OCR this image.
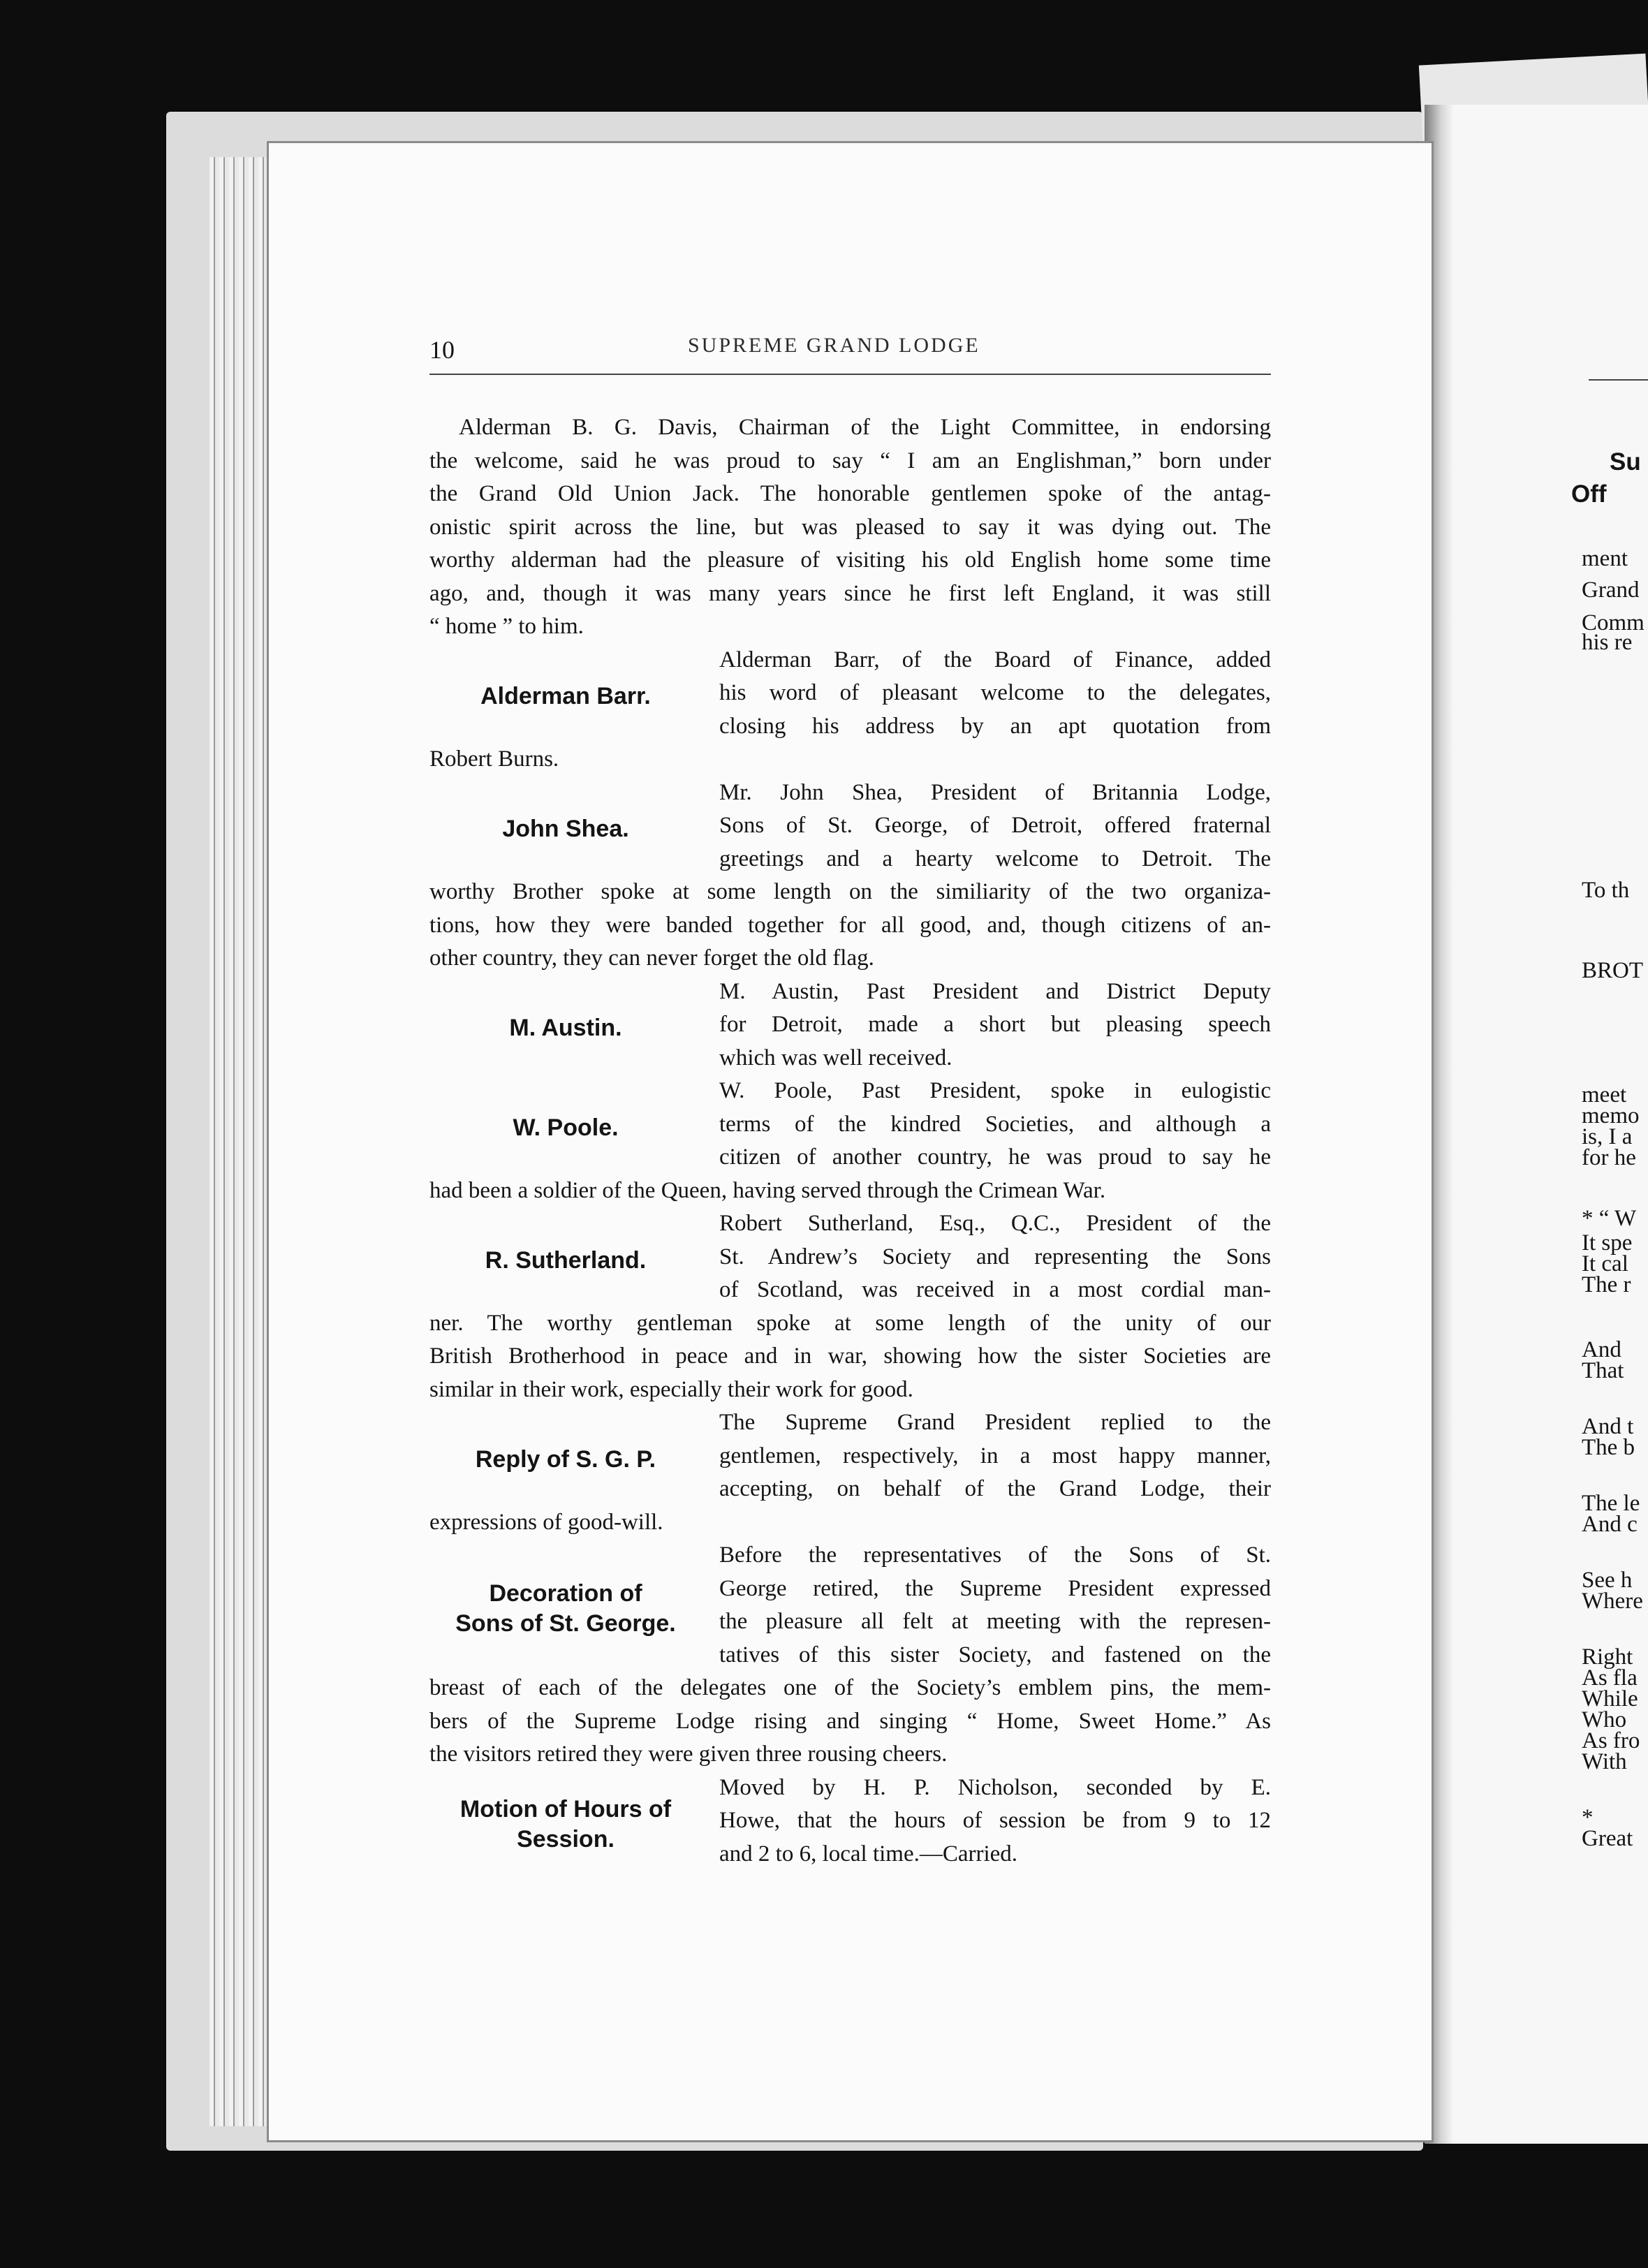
10	SUPREME GRAND LODGE
Alderman B. G. Davis, Chairman of the Light Committee, in endorsing
the welcome, said he was proud to say “ I am an Englishman,” born under
the Grand Old Union Jack. The honorable gentlemen spoke of the antag-
onistic spirit across the line, but was pleased to say it was dying out. The
worthy alderman had the pleasure of visiting his old English home some time
ago, and, though it was many years since he first left England, it was still
“ home ” to him.
Alderman Barr, of the Board of Finance, added
his word of pleasant welcome to the delegates,
closing his address by an apt quotation from
Alderman Barr.
Robert Burns.
Mr. John Shea, President of Britannia Lodge,
Sons of St. George, of Detroit, offered fraternal
greetings and a hearty welcome to Detroit. The
John Shea.
worthy Brother spoke at some length on the similiarity of the two organiza-
tions, how they were banded together for all good, and, though citizens of an-
other country, they can never forget the old flag.
M. Austin, Past President and District Deputy
for Detroit, made a short but pleasing speech
which was well received.
M. Austin.
W. Poole, Past President, spoke in eulogistic
terms of the kindred Societies, and although a
citizen of another country, he was proud to say he
W. Poole.
had been a soldier of the Queen, having served through the Crimean War.
Robert Sutherland, Esq., Q.C., President of the
St. Andrew’s Society and representing the Sons
of Scotland, was received in a most cordial man-
R. Sutherland.
ner. The worthy gentleman spoke at some length of the unity of our
British Brotherhood in peace and in war, showing how the sister Societies are
similar in their work, especially their work for good.
The Supreme Grand President replied to the
gentlemen, respectively, in a most happy manner,
accepting, on behalf of the Grand Lodge, their
Reply of S. G. P.
expressions of good-will.
Before the representatives of the Sons of St.
George retired, the Supreme President expressed
the pleasure all felt at meeting with the represen-
tatives of this sister Society, and fastened on the
Decoration of
Sons of St. George.
breast of each of the delegates one of the Society’s emblem pins, the mem-
bers of the Supreme Lodge rising and singing “ Home, Sweet Home.” As
the visitors retired they were given three rousing cheers.
Moved by H. P. Nicholson, seconded by E.
Howe, that the hours of session be from 9 to 12
and 2 to 6, local time.—Carried.
Motion of Hours of
Session.
Su
Off
ment
Grand
Comm
his re
To th
BROT
meet
memo
is, I a
for he
* “ W
It spe
It cal
The r
And
That
And t
The b
The le
And c
See h
Where
Right
As fla
While
Who
As fro
With
*
Great
